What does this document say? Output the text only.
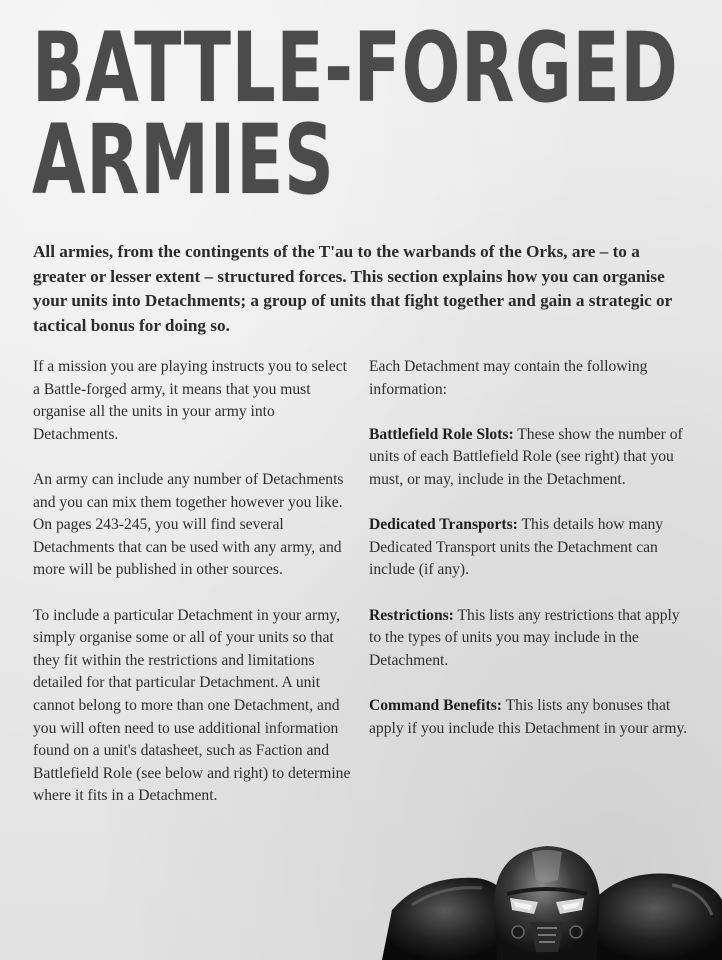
BATTLE-FORGED
ARMIES

All armies, from the contingents of the T'au to the warbands of the Orks, are – to a greater or lesser extent – structured forces. This section explains how you can organise your units into Detachments; a group of units that fight together and gain a strategic or tactical bonus for doing so.

If a mission you are playing instructs you to select a Battle-forged army, it means that you must organise all the units in your army into Detachments.

An army can include any number of Detachments and you can mix them together however you like. On pages 243-245, you will find several Detachments that can be used with any army, and more will be published in other sources.

To include a particular Detachment in your army, simply organise some or all of your units so that they fit within the restrictions and limitations detailed for that particular Detachment. A unit cannot belong to more than one Detachment, and you will often need to use additional information found on a unit's datasheet, such as Faction and Battlefield Role (see below and right) to determine where it fits in a Detachment.

Each Detachment may contain the following information:

Battlefield Role Slots: These show the number of units of each Battlefield Role (see right) that you must, or may, include in the Detachment.

Dedicated Transports: This details how many Dedicated Transport units the Detachment can include (if any).

Restrictions: This lists any restrictions that apply to the types of units you may include in the Detachment.

Command Benefits: This lists any bonuses that apply if you include this Detachment in your army.
